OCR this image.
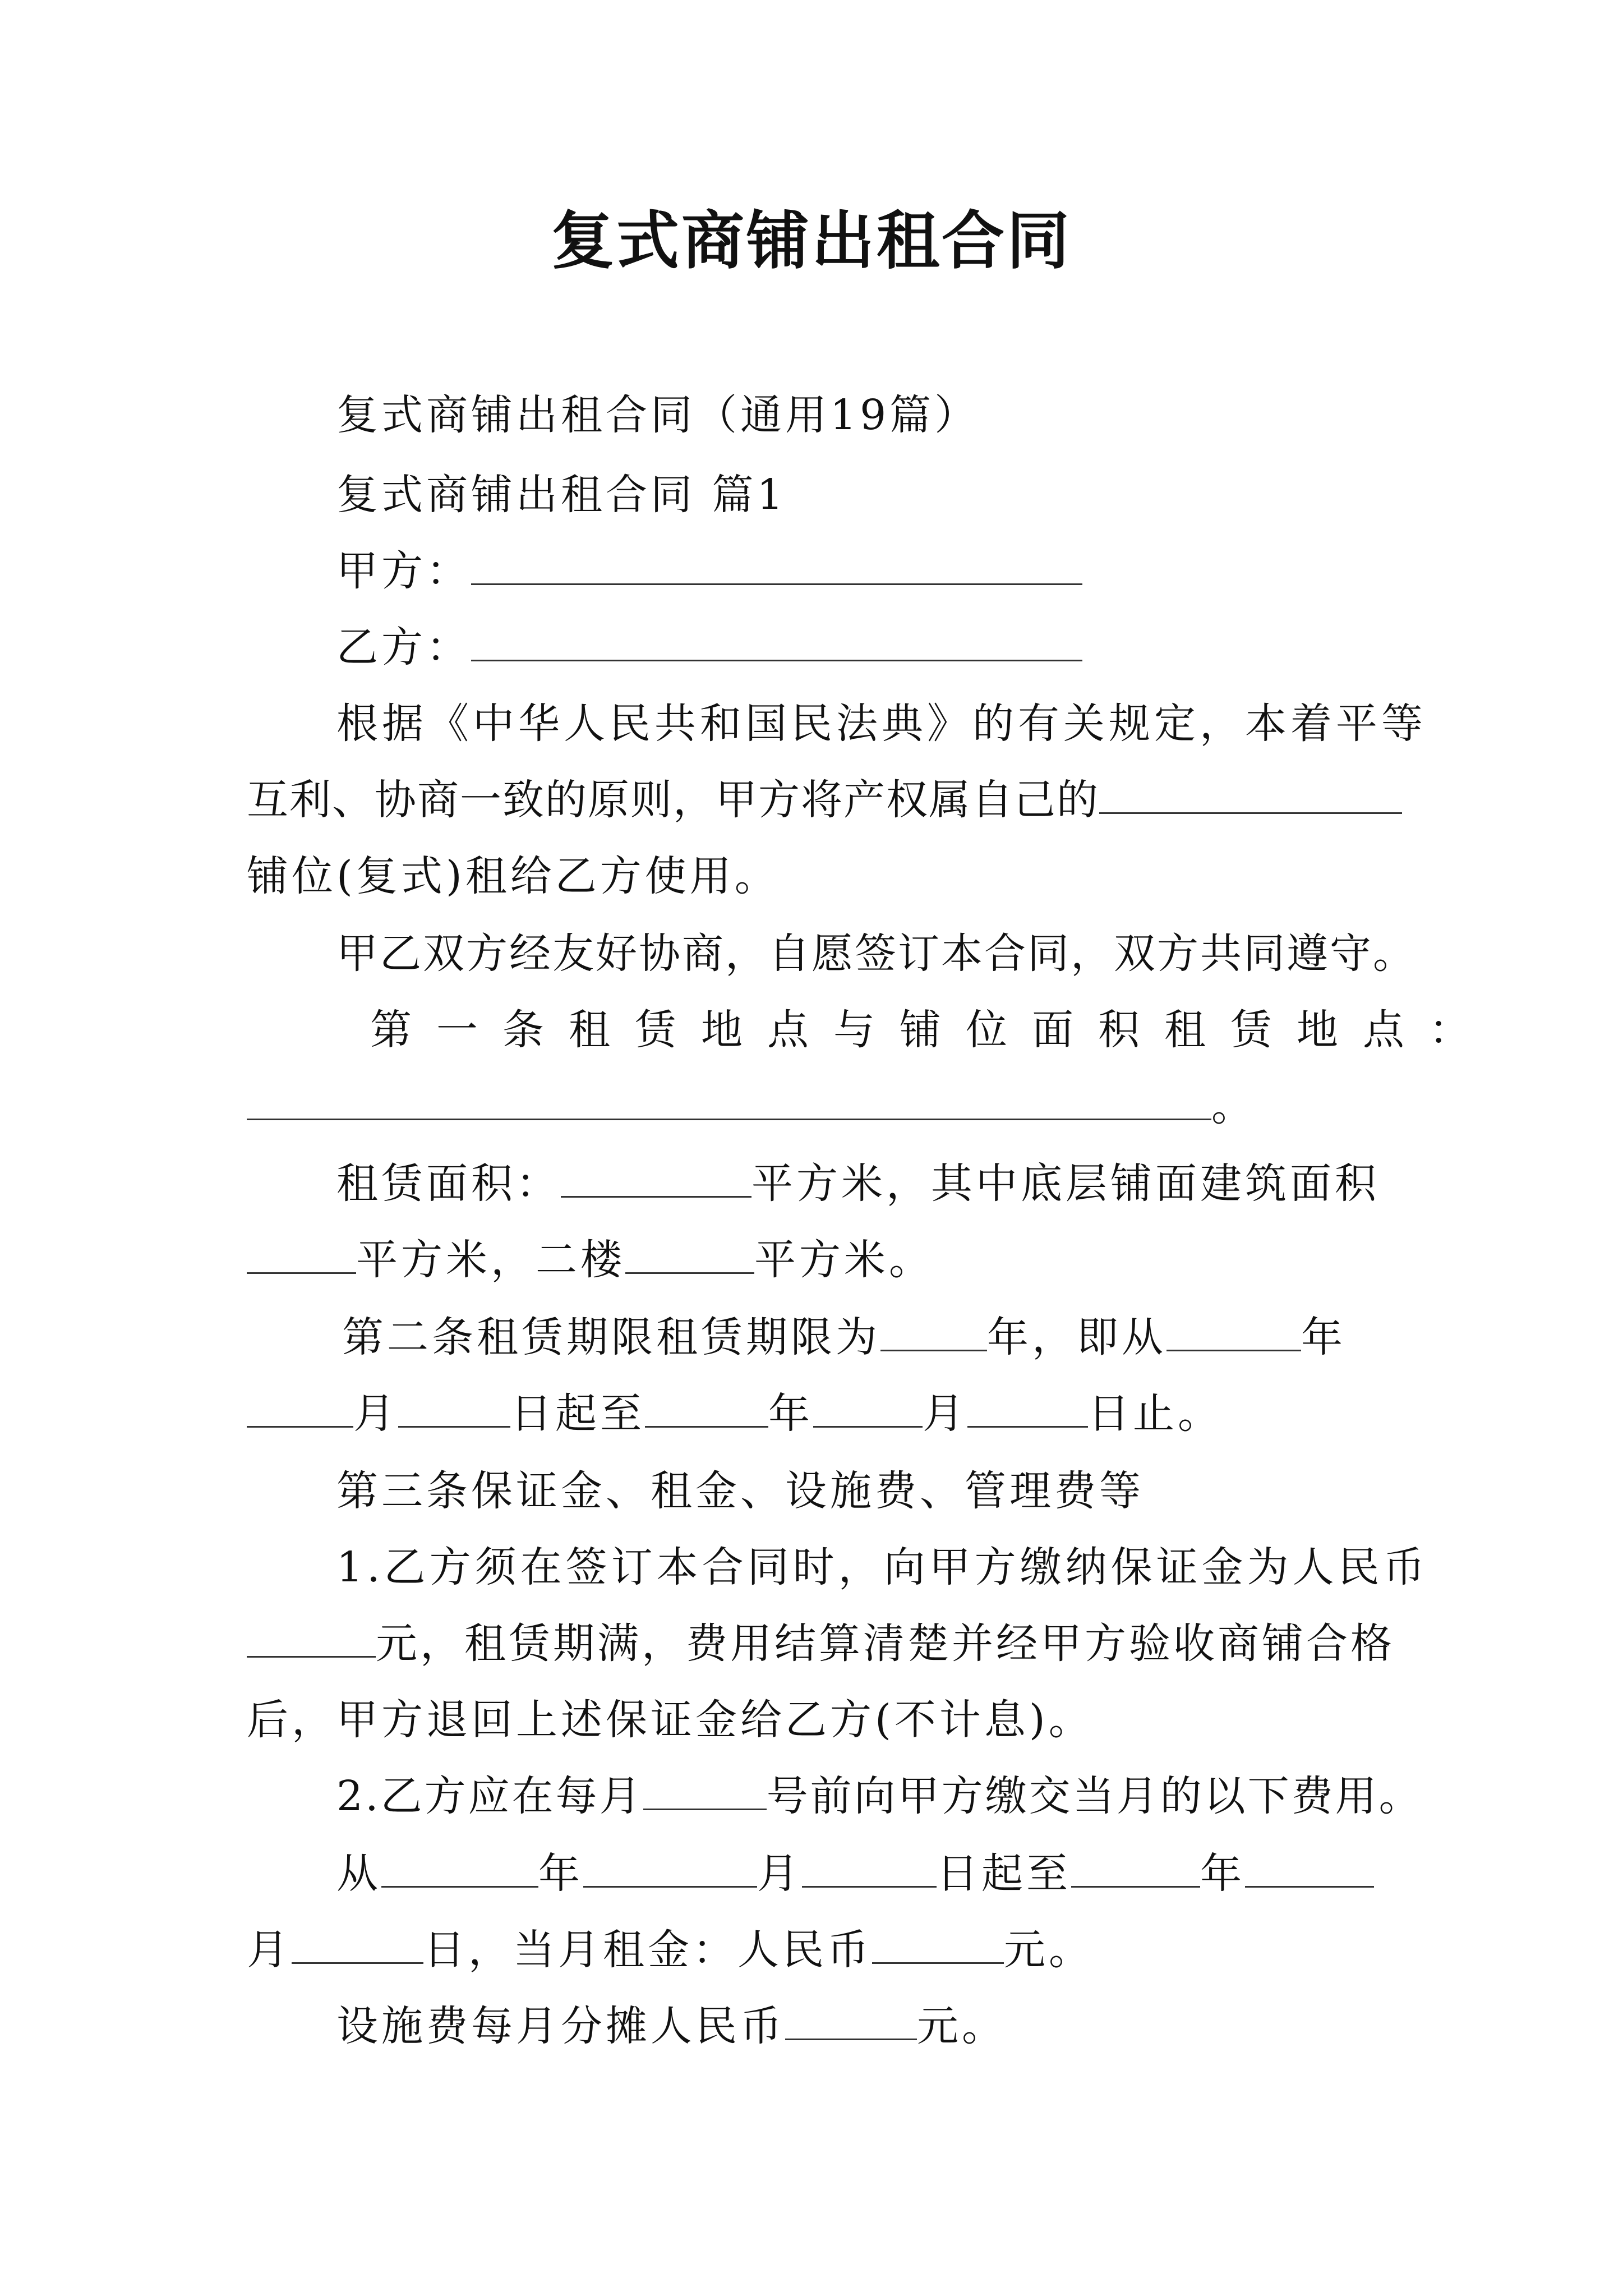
复式商铺出租合同
复式商铺出租合同（通用19篇）
复式商铺出租合同 篇1
甲方：
乙方：
根据《中华人民共和国民法典》的有关规定，本着平等
互利、协商一致的原则，甲方将产权属自己的
铺位(复式)租给乙方使用。
甲乙双方经友好协商，自愿签订本合同，双方共同遵守。
第一条租赁地点与铺位面积租赁地点：
。
租赁面积：	平方米，其中底层铺面建筑面积
平方米，二楼	平方米。
第二条租赁期限租赁期限为	年，即从	年
月	日起至	年	月	日止。
第三条保证金、租金、设施费、管理费等
1.乙方须在签订本合同时，向甲方缴纳保证金为人民币
元，租赁期满，费用结算清楚并经甲方验收商铺合格
后，甲方退回上述保证金给乙方(不计息)。
2.乙方应在每月	号前向甲方缴交当月的以下费用。
从	年	月	日起至	年
月	日，当月租金：人民币	元。
设施费每月分摊人民币	元。
